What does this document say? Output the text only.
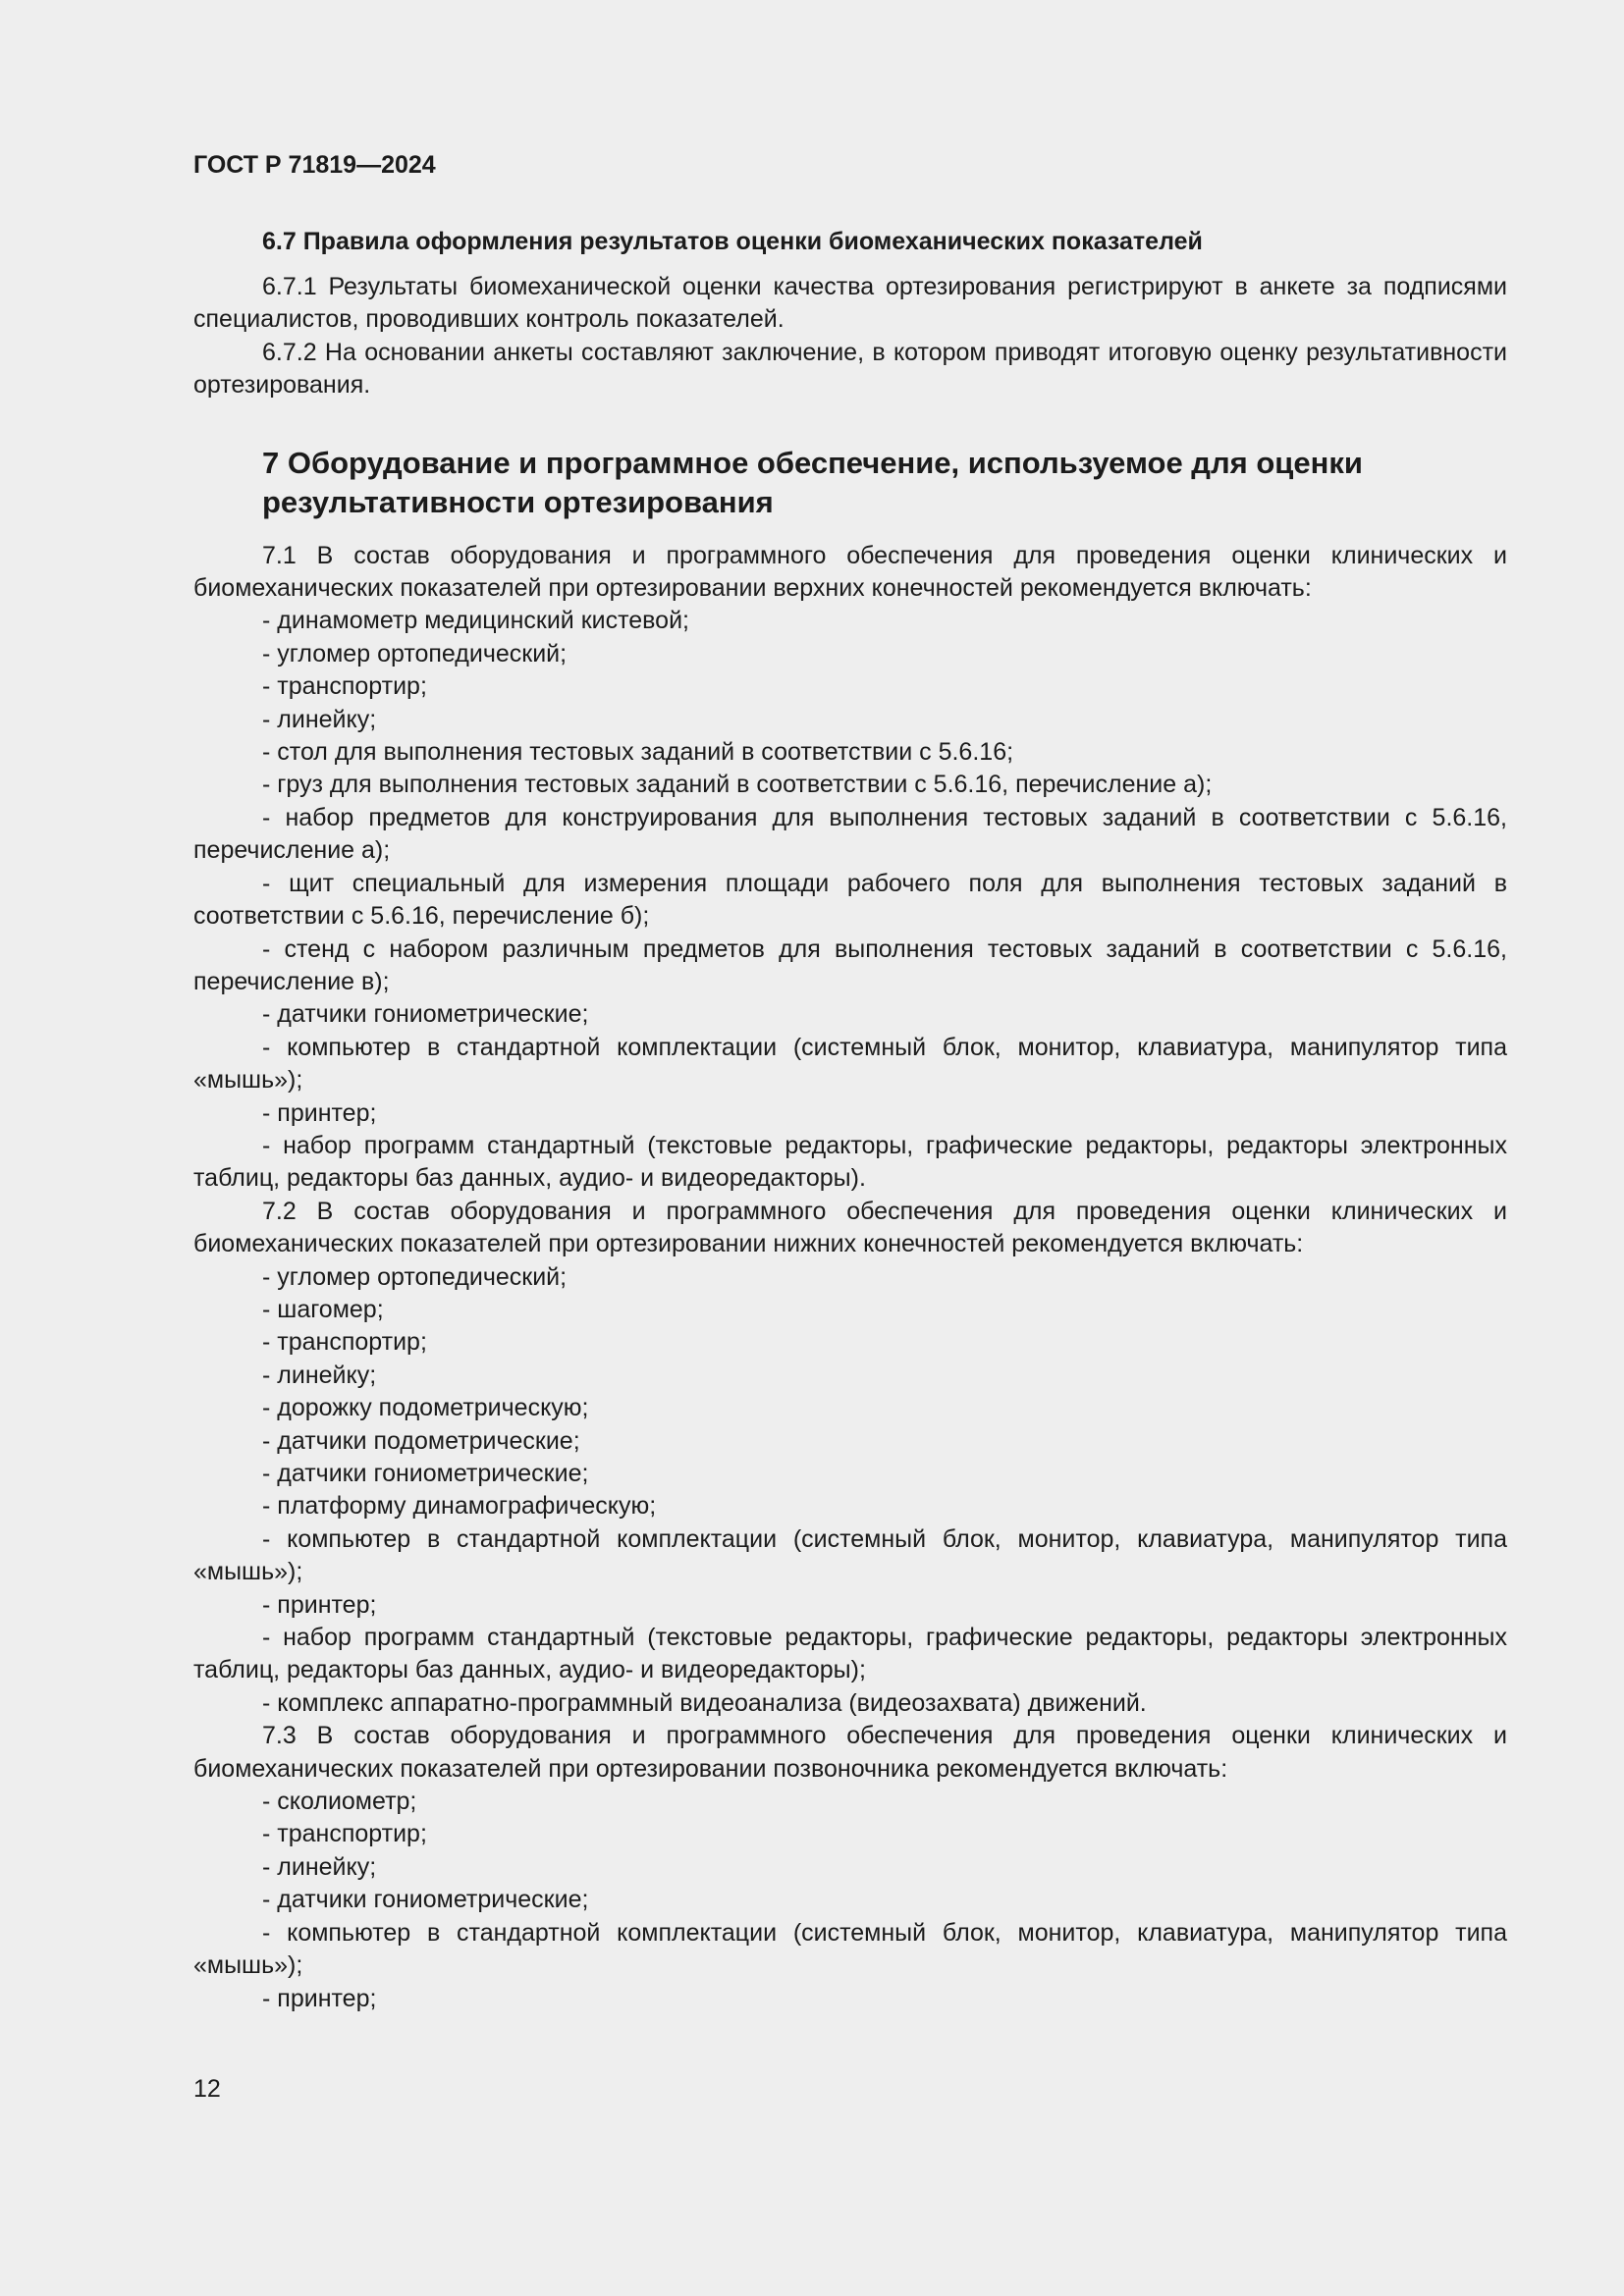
ГОСТ Р 71819—2024
6.7 Правила оформления результатов оценки биомеханических показателей

6.7.1 Результаты биомеханической оценки качества ортезирования регистрируют в анкете за подписями специалистов, проводивших контроль показателей.

6.7.2 На основании анкеты составляют заключение, в котором приводят итоговую оценку результативности ортезирования.

7 Оборудование и программное обеспечение, используемое для оценки результативности ортезирования

7.1 В состав оборудования и программного обеспечения для проведения оценки клинических и биомеханических показателей при ортезировании верхних конечностей рекомендуется включать:

- динамометр медицинский кистевой;

- угломер ортопедический;

- транспортир;

- линейку;

- стол для выполнения тестовых заданий в соответствии с 5.6.16;

- груз для выполнения тестовых заданий в соответствии с 5.6.16, перечисление а);

- набор предметов для конструирования для выполнения тестовых заданий в соответствии с 5.6.16, перечисление а);

- щит специальный для измерения площади рабочего поля для выполнения тестовых заданий в соответствии с 5.6.16, перечисление б);

- стенд с набором различным предметов для выполнения тестовых заданий в соответствии с 5.6.16, перечисление в);

- датчики гониометрические;

- компьютер в стандартной комплектации (системный блок, монитор, клавиатура, манипулятор типа «мышь»);

- принтер;

- набор программ стандартный (текстовые редакторы, графические редакторы, редакторы электронных таблиц, редакторы баз данных, аудио- и видеоредакторы).

7.2 В состав оборудования и программного обеспечения для проведения оценки клинических и биомеханических показателей при ортезировании нижних конечностей рекомендуется включать:

- угломер ортопедический;

- шагомер;

- транспортир;

- линейку;

- дорожку подометрическую;

- датчики подометрические;

- датчики гониометрические;

- платформу динамографическую;

- компьютер в стандартной комплектации (системный блок, монитор, клавиатура, манипулятор типа «мышь»);

- принтер;

- набор программ стандартный (текстовые редакторы, графические редакторы, редакторы электронных таблиц, редакторы баз данных, аудио- и видеоредакторы);

- комплекс аппаратно-программный видеоанализа (видеозахвата) движений.

7.3 В состав оборудования и программного обеспечения для проведения оценки клинических и биомеханических показателей при ортезировании позвоночника рекомендуется включать:

- сколиометр;

- транспортир;

- линейку;

- датчики гониометрические;

- компьютер в стандартной комплектации (системный блок, монитор, клавиатура, манипулятор типа «мышь»);

- принтер;

12
